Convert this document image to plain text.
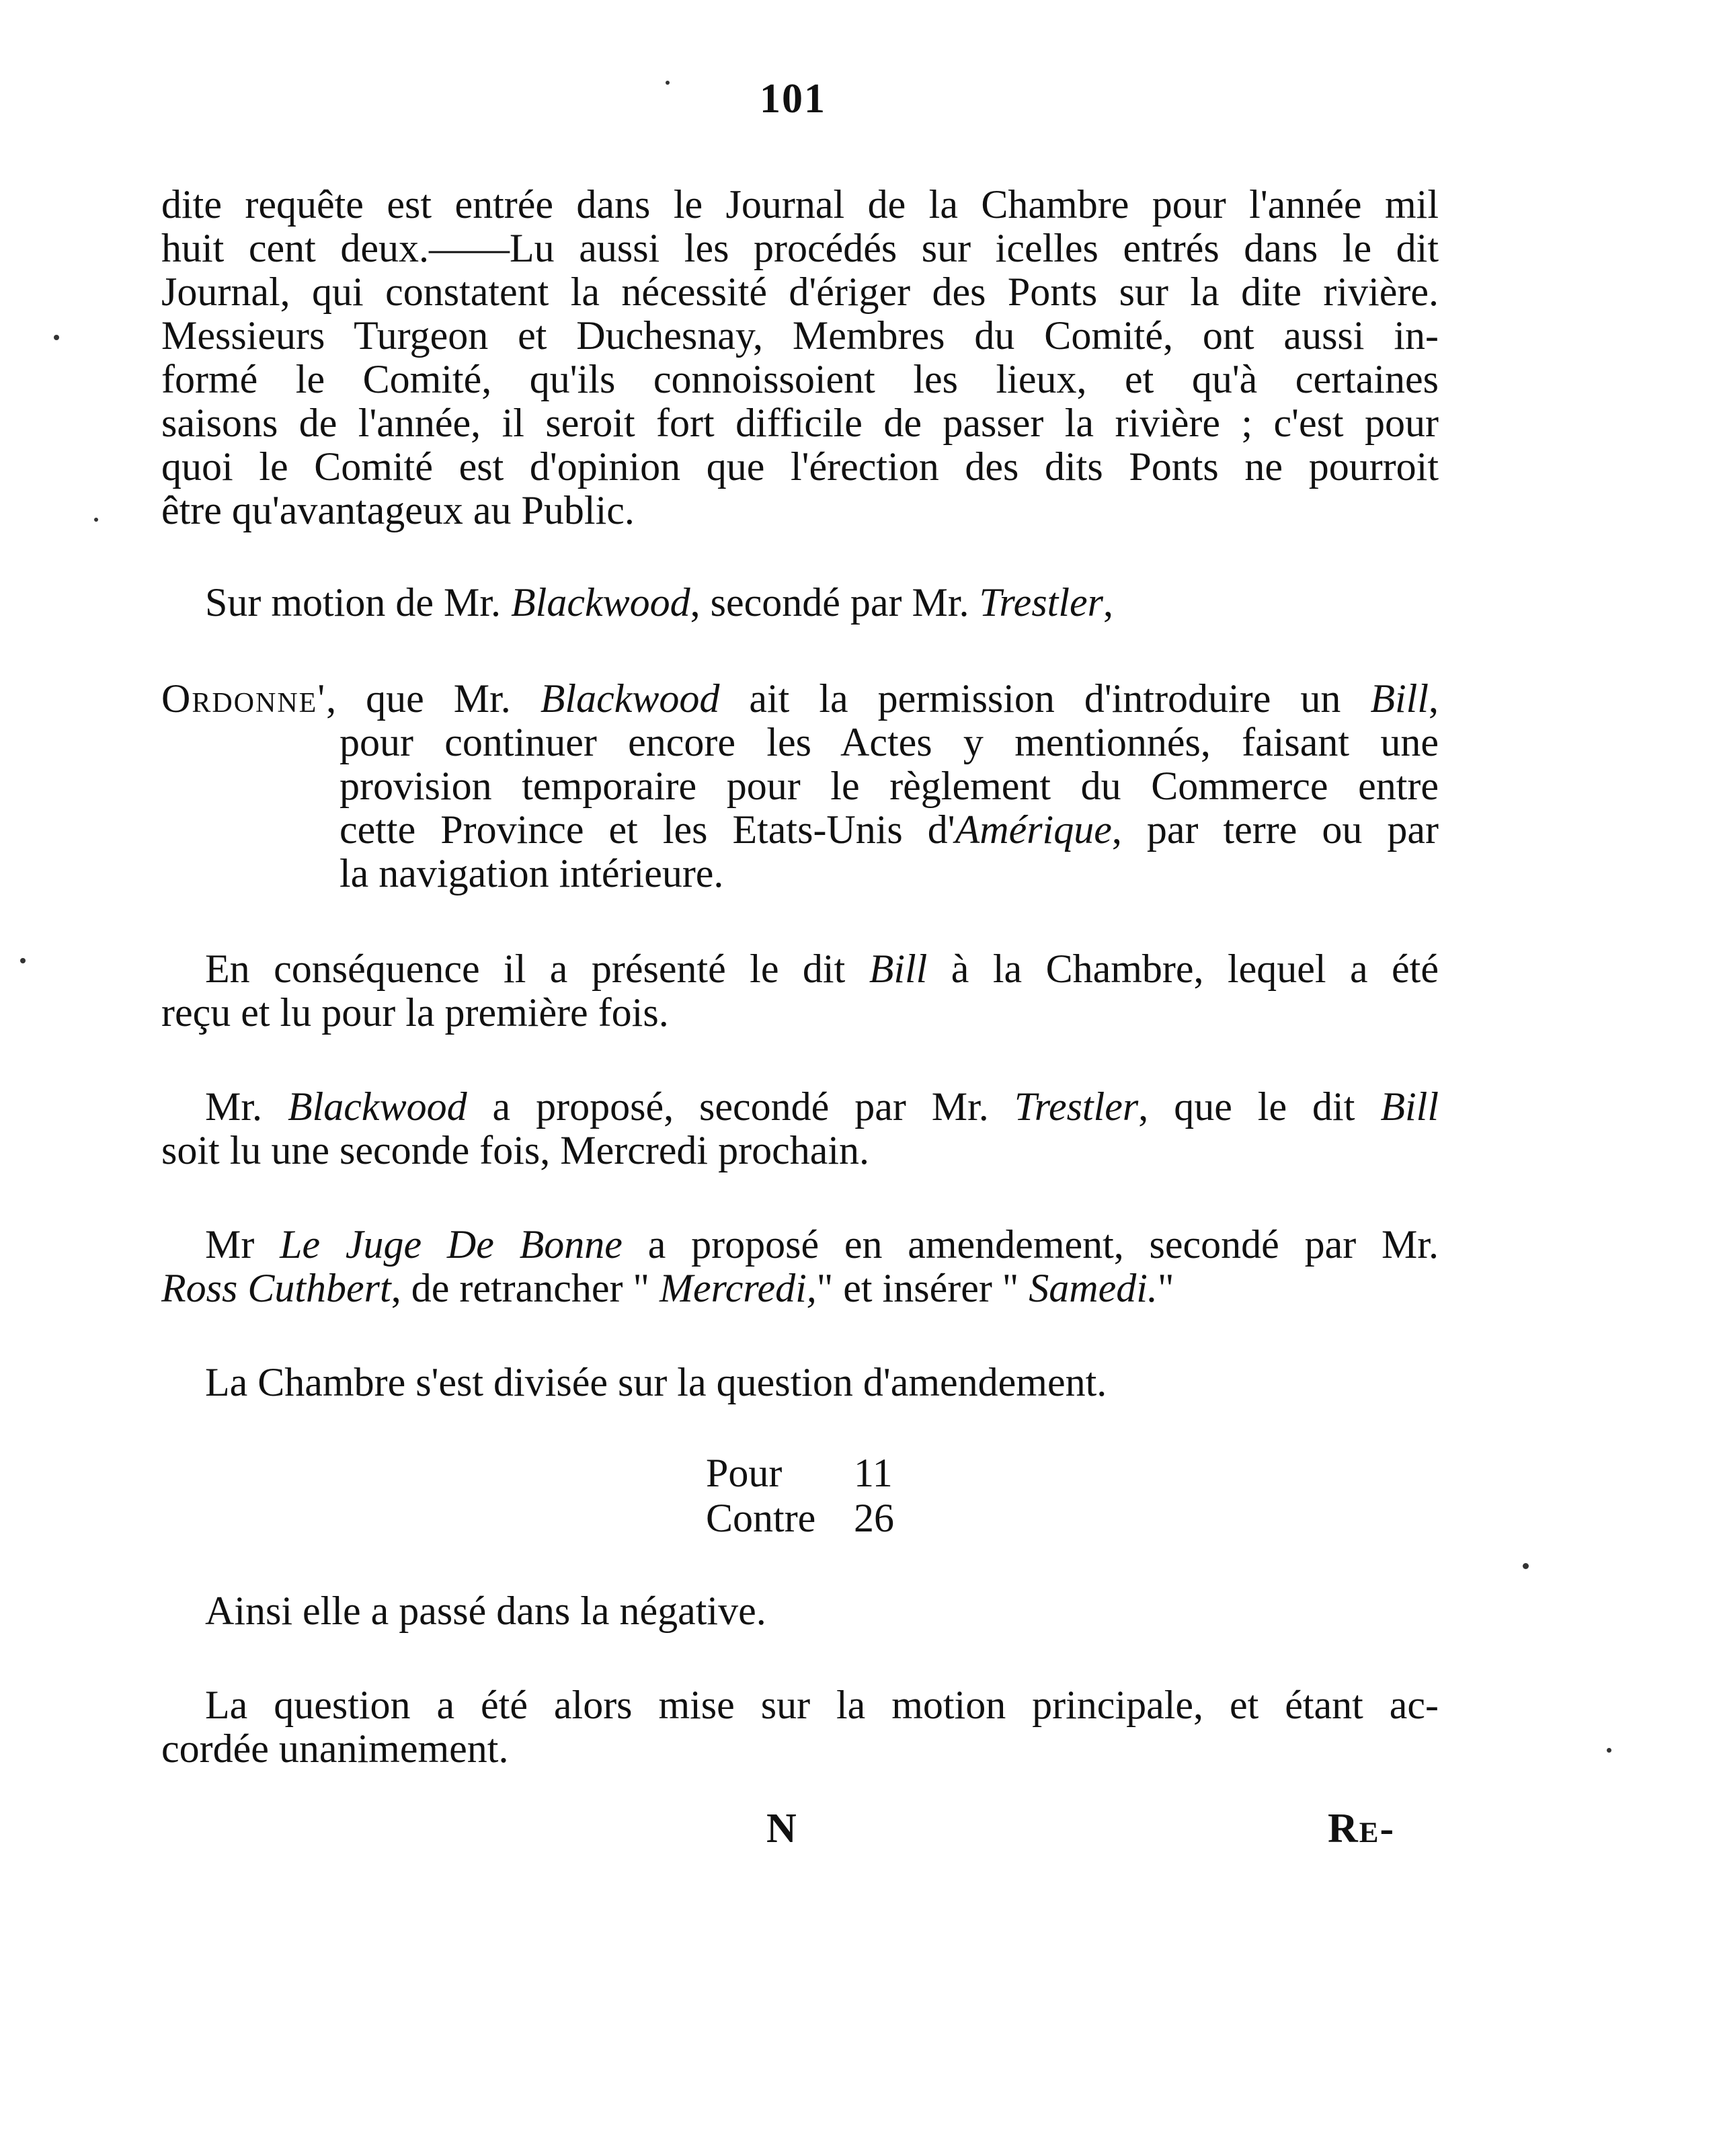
101
dite requête est entrée dans le Journal de la Chambre pour l'année mil
huit cent deux.——Lu aussi les procédés sur icelles entrés dans le dit
Journal, qui constatent la nécessité d'ériger des Ponts sur la dite rivière.
Messieurs Turgeon et Duchesnay, Membres du Comité, ont aussi in-
formé le Comité, qu'ils connoissoient les lieux, et qu'à certaines
saisons de l'année, il seroit fort difficile de passer la rivière ; c'est pour
quoi le Comité est d'opinion que l'érection des dits Ponts ne pourroit
être qu'avantageux au Public.
Sur motion de Mr. Blackwood, secondé par Mr. Trestler,
Ordonne', que Mr. Blackwood ait la permission d'introduire un Bill,
pour continuer encore les Actes y mentionnés, faisant une
provision temporaire pour le règlement du Commerce entre
cette Province et les Etats-Unis d'Amérique, par terre ou par
la navigation intérieure.
En conséquence il a présenté le dit Bill à la Chambre, lequel a été
reçu et lu pour la première fois.
Mr. Blackwood a proposé, secondé par Mr. Trestler, que le dit Bill
soit lu une seconde fois, Mercredi prochain.
Mr Le Juge De Bonne a proposé en amendement, secondé par Mr.
Ross Cuthbert, de retrancher " Mercredi," et insérer " Samedi."
La Chambre s'est divisée sur la question d'amendement.
Pour 11
Contre 26
Ainsi elle a passé dans la négative.
La question a été alors mise sur la motion principale, et étant ac-
cordée unanimement.
N	Re-
